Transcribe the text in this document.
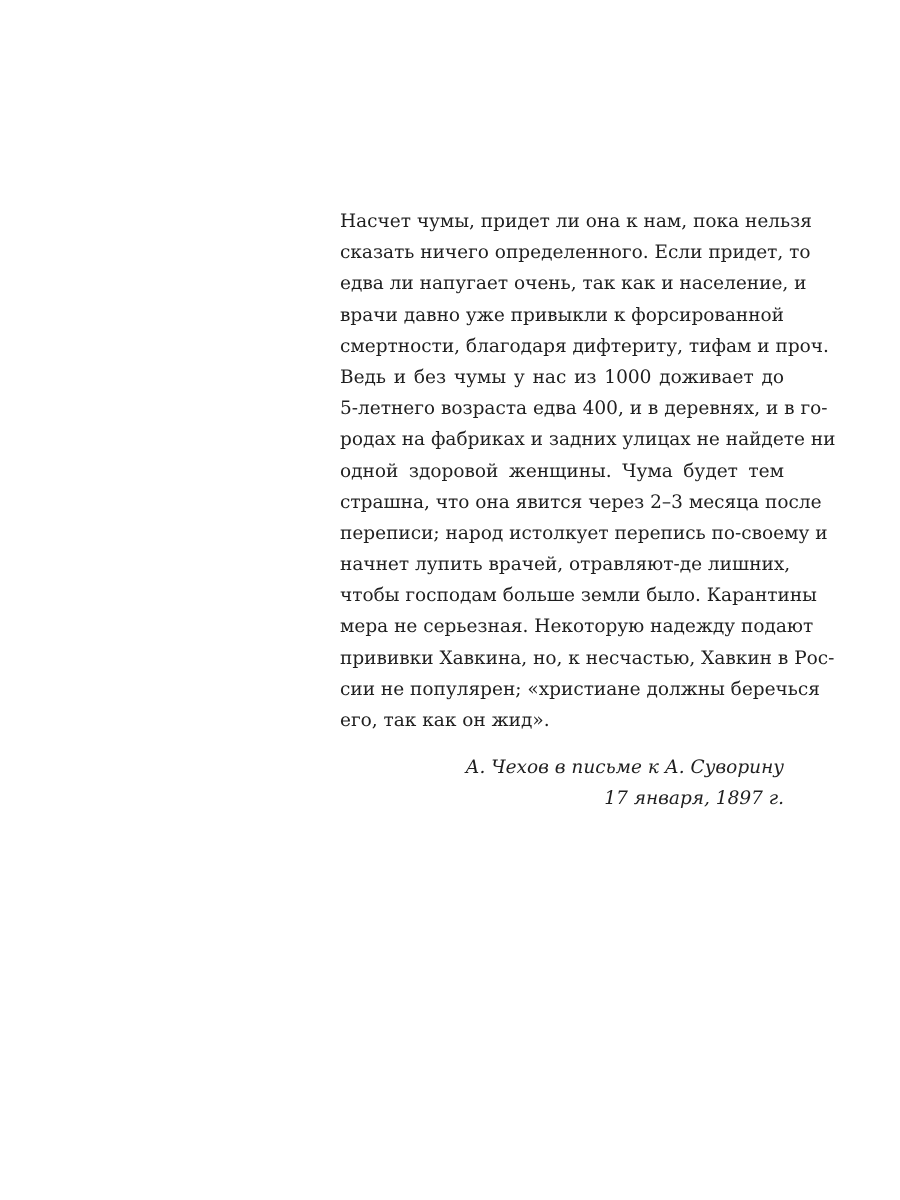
Насчет чумы, придет ли она к нам, пока нельзя
сказать ничего определенного. Если придет, то
едва ли напугает очень, так как и население, и
врачи давно уже привыкли к форсированной
смертности, благодаря дифтериту, тифам и проч.
Ведь и без чумы у нас из 1000 доживает до
5-летнего возраста едва 400, и в деревнях, и в го-
родах на фабриках и задних улицах не найдете ни
одной здоровой женщины. Чума будет тем
страшна, что она явится через 2–3 месяца после
переписи; народ истолкует перепись по-своему и
начнет лупить врачей, отравляют-де лишних,
чтобы господам больше земли было. Карантины
мера не серьезная. Некоторую надежду подают
прививки Хавкина, но, к несчастью, Хавкин в Рос-
сии не популярен; «христиане должны беречься
его, так как он жид».
А. Чехов в письме к А. Суворину
17 января, 1897 г.
